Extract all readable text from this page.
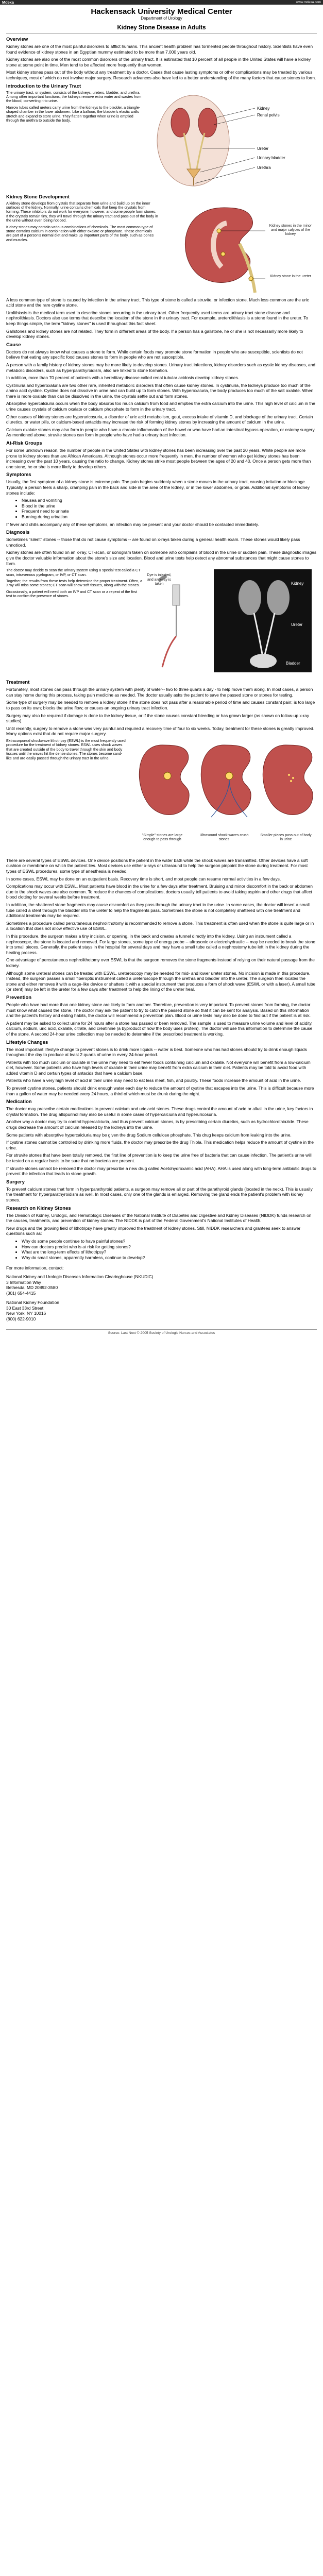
Mdexa	www.mdexa.com
Hackensack University Medical Center
Department of Urology
Kidney Stone Disease in Adults
Overview

Kidney stones are one of the most painful disorders to afflict humans. This ancient health problem has tormented people throughout history. Scientists have even found evidence of kidney stones in an Egyptian mummy estimated to be more than 7,000 years old.

Kidney stones are also one of the most common disorders of the urinary tract. It is estimated that 10 percent of all people in the United States will have a kidney stone at some point in time. Men tend to be affected more frequently than women.

Most kidney stones pass out of the body without any treatment by a doctor. Cases that cause lasting symptoms or other complications may be treated by various techniques, most of which do not involve major surgery. Research advances also have led to a better understanding of the many factors that cause stones to form.

Introduction to the Urinary Tract
Kidney
Renal pelvis
Ureter
Urinary bladder
Urethra

The urinary tract, or system, consists of the kidneys, ureters, bladder, and urethra. Among other important functions, the kidneys remove extra water and wastes from the blood, converting it to urine.

Narrow tubes called ureters carry urine from the kidneys to the bladder, a triangle-shaped chamber in the lower abdomen. Like a balloon, the bladder's elastic walls stretch and expand to store urine. They flatten together when urine is emptied through the urethra to outside the body.

Kidney Stone Development
Kidney stones in the minor and major calyces of the kidney
Kidney stone in the ureter

A kidney stone develops from crystals that separate from urine and build up on the inner surfaces of the kidney. Normally, urine contains chemicals that keep the crystals from forming. These inhibitors do not work for everyone, however, and some people form stones. If the crystals remain tiny, they will travel through the urinary tract and pass out of the body in the urine without even being noticed.

Kidney stones may contain various combinations of chemicals. The most common type of stone contains calcium in combination with either oxalate or phosphate. These chemicals are part of a person's normal diet and make up important parts of the body, such as bones and muscles.

A less common type of stone is caused by infection in the urinary tract. This type of stone is called a struvite, or infection stone. Much less common are the uric acid stone and the rare cystine stone.

Urolithiasis is the medical term used to describe stones occurring in the urinary tract. Other frequently used terms are urinary tract stone disease and nephrolithiasis. Doctors also use terms that describe the location of the stone in the urinary tract. For example, ureterolithiasis is a stone found in the ureter. To keep things simple, the term "kidney stones" is used throughout this fact sheet.

Gallstones and kidney stones are not related. They form in different areas of the body. If a person has a gallstone, he or she is not necessarily more likely to develop kidney stones.

Cause

Doctors do not always know what causes a stone to form. While certain foods may promote stone formation in people who are susceptible, scientists do not believe that eating any specific food causes stones to form in people who are not susceptible.

A person with a family history of kidney stones may be more likely to develop stones. Urinary tract infections, kidney disorders such as cystic kidney diseases, and metabolic disorders, such as hyperparathyroidism, also are linked to stone formation.

In addition, more than 70 percent of patients with a hereditary disease called renal tubular acidosis develop kidney stones.

Cystinuria and hyperoxaluria are two other rare, inherited metabolic disorders that often cause kidney stones. In cystinuria, the kidneys produce too much of the amino acid cystine. Cystine does not dissolve in urine and can build up to form stones. With hyperoxaluria, the body produces too much of the salt oxalate. When there is more oxalate than can be dissolved in the urine, the crystals settle out and form stones.

Absorptive hypercalciuria occurs when the body absorbs too much calcium from food and empties the extra calcium into the urine. This high level of calcium in the urine causes crystals of calcium oxalate or calcium phosphate to form in the urinary tract.

Other causes of kidney stones are hyperuricosuria, a disorder of uric acid metabolism, gout, excess intake of vitamin D, and blockage of the urinary tract. Certain diuretics, or water pills, or calcium-based antacids may increase the risk of forming kidney stones by increasing the amount of calcium in the urine.

Calcium oxalate stones may also form in people who have a chronic inflammation of the bowel or who have had an intestinal bypass operation, or ostomy surgery. As mentioned above, struvite stones can form in people who have had a urinary tract infection.

At-Risk Groups

For some unknown reason, the number of people in the United States with kidney stones has been increasing over the past 20 years. White people are more prone to kidney stones than are African Americans. Although stones occur more frequently in men, the number of women who get kidney stones has been increasing over the past 10 years, causing the ratio to change. Kidney stones strike most people between the ages of 20 and 40. Once a person gets more than one stone, he or she is more likely to develop others.

Symptoms

Usually, the first symptom of a kidney stone is extreme pain. The pain begins suddenly when a stone moves in the urinary tract, causing irritation or blockage. Typically, a person feels a sharp, cramping pain in the back and side in the area of the kidney, or in the lower abdomen, or groin. Additional symptoms of kidney stones include:

• Nausea and vomiting
• Blood in the urine
• Frequent need to urinate
• Burning during urination

If fever and chills accompany any of these symptoms, an infection may be present and your doctor should be contacted immediately.

Diagnosis

Sometimes "silent" stones -- those that do not cause symptoms -- are found on x-rays taken during a general health exam. These stones would likely pass unnoticed.

Kidney stones are often found on an x-ray, CT-scan, or sonogram taken on someone who complains of blood in the urine or sudden pain. These diagnostic images give the doctor valuable information about the stone's size and location. Blood and urine tests help detect any abnormal substances that might cause stones to form.

Dye is injected, and an x-ray is taken	Kidney
Ureter
Bladder

The doctor may decide to scan the urinary system using a special test called a CT scan, intravenous pyelogram, or IVP, or CT scan.

Together, the results from these tests help determine the proper treatment. Often, a Xray will miss some stones; CT scan will show soft tissues, along with the stones.

Occasionally, a patient will need both an IVP and CT scan or a repeat of the first test to confirm the presence of stones.

Treatment

Fortunately, most stones can pass through the urinary system with plenty of water-- two to three quarts a day - to help move them along. In most cases, a person can stay home during this process, taking pain medicine as needed. The doctor usually asks the patient to save the passed stone or stones for testing.

Some type of surgery may be needed to remove a kidney stone if the stone does not pass after a reasonable period of time and causes constant pain; is too large to pass on its own; blocks the urine flow; or causes an ongoing urinary tract infection.

Surgery may also be required if damage is done to the kidney tissue, or if the stone causes constant bleeding or has grown larger (as shown on follow-up x-ray studies).

Until recently, surgery to remove a stone was very painful and required a recovery time of four to six weeks. Today, treatment for these stones is greatly improved. Many options exist that do not require major surgery.

"Simple" stones are large enough to pass through
Ultrasound shock waves crush stones
Smaller pieces pass out of body in urine

Extracorporeal shockwave lithotripsy (ESWL) is the most frequently used procedure for the treatment of kidney stones. ESWL uses shock waves that are created outside of the body to travel through the skin and body tissues until the waves hit the dense stones. The stones become sand-like and are easily passed through the urinary tract in the urine.

There are several types of ESWL devices. One device positions the patient in the water bath while the shock waves are transmitted. Other devices have a soft cushion or membrane on which the patient lies. Most devices use either x-rays or ultrasound to help the surgeon pinpoint the stone during treatment. For most types of ESWL procedures, some type of anesthesia is needed.

In some cases, ESWL may be done on an outpatient basis. Recovery time is short, and most people can resume normal activities in a few days.

Complications may occur with ESWL. Most patients have blood in the urine for a few days after treatment. Bruising and minor discomfort in the back or abdomen due to the shock waves are also common. To reduce the chances of complications, doctors usually tell patients to avoid taking aspirin and other drugs that affect blood clotting for several weeks before treatment.

In addition, the shattered stone fragments may cause discomfort as they pass through the urinary tract in the urine. In some cases, the doctor will insert a small tube called a stent through the bladder into the ureter to help the fragments pass. Sometimes the stone is not completely shattered with one treatment and additional treatments may be required.

Sometimes a procedure called percutaneous nephrolithotomy is recommended to remove a stone. This treatment is often used when the stone is quite large or in a location that does not allow effective use of ESWL.

In this procedure, the surgeon makes a tiny incision, or opening, in the back and creates a tunnel directly into the kidney. Using an instrument called a nephroscope, the stone is located and removed. For large stones, some type of energy probe -- ultrasonic or electrohydraulic -- may be needed to break the stone into small pieces. Generally, the patient stays in the hospital for several days and may have a small tube called a nephrostomy tube left in the kidney during the healing process.

One advantage of percutaneous nephrolithotomy over ESWL is that the surgeon removes the stone fragments instead of relying on their natural passage from the kidney.

Although some ureteral stones can be treated with ESWL, ureteroscopy may be needed for mid- and lower ureter stones. No incision is made in this procedure. Instead, the surgeon passes a small fiberoptic instrument called a ureteroscope through the urethra and bladder into the ureter. The surgeon then locates the stone and either removes it with a cage-like device or shatters it with a special instrument that produces a form of shock wave (ESWL or with a laser). A small tube (or stent) may be left in the ureter for a few days after treatment to help the lining of the ureter heal.

Prevention

People who have had more than one kidney stone are likely to form another. Therefore, prevention is very important. To prevent stones from forming, the doctor must know what caused the stone. The doctor may ask the patient to try to catch the passed stone so that it can be sent for analysis. Based on this information and the patient's history and eating habits, the doctor will recommend a prevention plan. Blood or urine tests may also be done to find out if the patient is at risk.

A patient may be asked to collect urine for 24 hours after a stone has passed or been removed. The sample is used to measure urine volume and level of acidity, calcium, sodium, uric acid, oxalate, citrate, and creatinine (a byproduct of how the body uses protein). The doctor will use this information to determine the cause of the stone. A second 24-hour urine collection may be needed to determine if the prescribed treatment is working.

Lifestyle Changes

The most important lifestyle change to prevent stones is to drink more liquids -- water is best. Someone who has had stones should try to drink enough liquids throughout the day to produce at least 2 quarts of urine in every 24-hour period.

Patients with too much calcium or oxalate in the urine may need to eat fewer foods containing calcium and oxalate. Not everyone will benefit from a low-calcium diet, however. Some patients who have high levels of oxalate in their urine may benefit from extra calcium in their diet. Patients may be told to avoid food with added vitamin D and certain types of antacids that have a calcium base.

Patients who have a very high level of acid in their urine may need to eat less meat, fish, and poultry. These foods increase the amount of acid in the urine.

To prevent cystine stones, patients should drink enough water each day to reduce the amount of cystine that escapes into the urine. This is difficult because more than a gallon of water may be needed every 24 hours, a third of which must be drunk during the night.

Medication

The doctor may prescribe certain medications to prevent calcium and uric acid stones. These drugs control the amount of acid or alkali in the urine, key factors in crystal formation. The drug allopurinol may also be useful in some cases of hypercalciuria and hyperuricosuria.

Another way a doctor may try to control hypercalciuria, and thus prevent calcium stones, is by prescribing certain diuretics, such as hydrochlorothiazide. These drugs decrease the amount of calcium released by the kidneys into the urine.

Some patients with absorptive hypercalciuria may be given the drug Sodium cellulose phosphate. This drug keeps calcium from leaking into the urine.

If cystine stones cannot be controlled by drinking more fluids, the doctor may prescribe the drug Thiola. This medication helps reduce the amount of cystine in the urine.

For struvite stones that have been totally removed, the first line of prevention is to keep the urine free of bacteria that can cause infection. The patient's urine will be tested on a regular basis to be sure that no bacteria are present.

If struvite stones cannot be removed the doctor may prescribe a new drug called Acetohydroxamic acid (AHA). AHA is used along with long-term antibiotic drugs to prevent the infection that leads to stone growth.

Surgery

To prevent calcium stones that form in hyperparathyroid patients, a surgeon may remove all or part of the parathyroid glands (located in the neck). This is usually the treatment for hyperparathyroidism as well. In most cases, only one of the glands is enlarged. Removing the gland ends the patient's problem with kidney stones.

Research on Kidney Stones

The Division of Kidney, Urologic, and Hematologic Diseases of the National Institute of Diabetes and Digestive and Kidney Diseases (NIDDK) funds research on the causes, treatments, and prevention of kidney stones. The NIDDK is part of the Federal Government's National Institutes of Health.

New drugs and the growing field of lithotripsy have greatly improved the treatment of kidney stones. Still, NIDDK researchers and grantees seek to answer questions such as:

• Why do some people continue to have painful stones?
• How can doctors predict who is at risk for getting stones?
• What are the long-term effects of lithotripsy?
• Why do small stones, apparently harmless, continue to develop?

For more information, contact:

National Kidney and Urologic Diseases Information Clearinghouse (NKUDIC)

3 Information Way

Bethesda, MD 20892-3580

(301) 654-4415

National Kidney Foundation

30 East 33rd Street

New York, NY 10016

(800) 622-9010

Source: Last Next © 2005 Society of Urologic Nurses and Associates
